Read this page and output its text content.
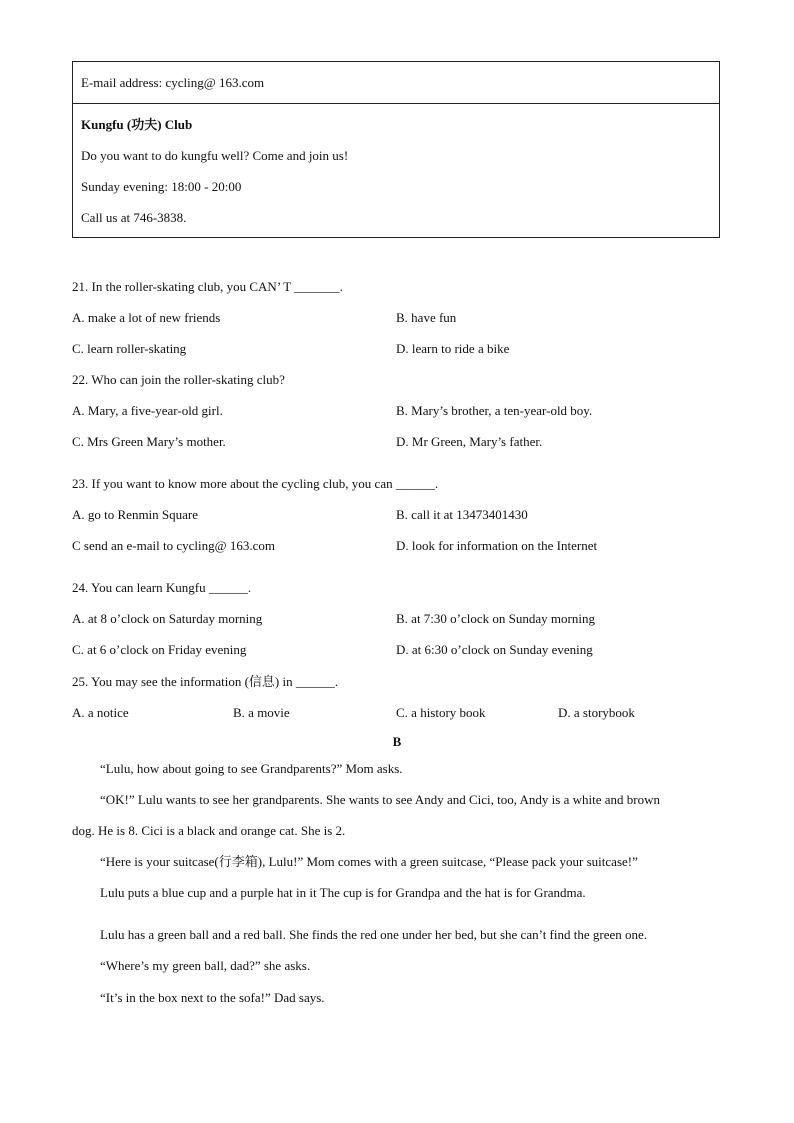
E-mail address: cycling@ 163.com
Kungfu (功夫) Club
Do you want to do kungfu well? Come and join us!
Sunday evening: 18:00 - 20:00
Call us at 746-3838.
21. In the roller-skating club, you CAN’ T _______.
A. make a lot of new friends	B. have fun
C. learn roller-skating	D. learn to ride a bike
22. Who can join the roller-skating club?
A. Mary, a five-year-old girl.	B. Mary’s brother, a ten-year-old boy.
C. Mrs Green Mary’s mother.	D. Mr Green, Mary’s father.
23. If you want to know more about the cycling club, you can ______.
A. go to Renmin Square	B. call it at 13473401430
C send an e-mail to cycling@ 163.com	D. look for information on the Internet
24. You can learn Kungfu ______.
A. at 8 o’clock on Saturday morning	B. at 7:30 o’clock on Sunday morning
C. at 6 o’clock on Friday evening	D. at 6:30 o’clock on Sunday evening
25. You may see the information (信息) in ______.
A. a notice	B. a movie	C. a history book	D. a storybook
B
“Lulu, how about going to see Grandparents?” Mom asks.
“OK!” Lulu wants to see her grandparents. She wants to see Andy and Cici, too, Andy is a white and brown
dog. He is 8. Cici is a black and orange cat. She is 2.
“Here is your suitcase(行李箱), Lulu!” Mom comes with a green suitcase, “Please pack your suitcase!”
Lulu puts a blue cup and a purple hat in it The cup is for Grandpa and the hat is for Grandma.
Lulu has a green ball and a red ball. She finds the red one under her bed, but she can’t find the green one.
“Where’s my green ball, dad?” she asks.
“It’s in the box next to the sofa!” Dad says.
